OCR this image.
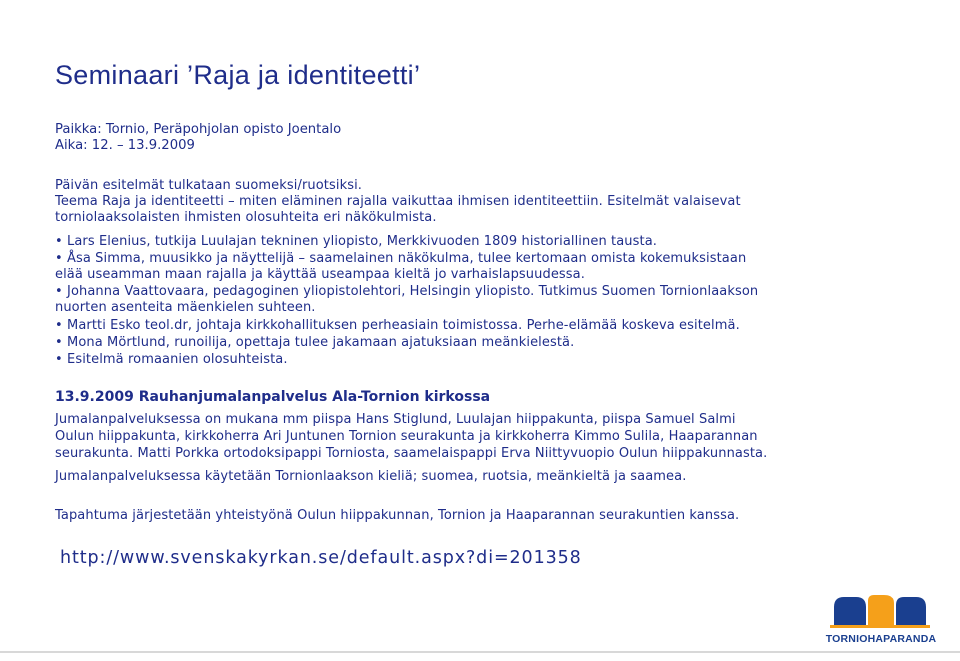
Seminaari ’Raja ja identiteetti’
Paikka: Tornio, Peräpohjolan opisto Joentalo
Aika: 12. – 13.9.2009
Päivän esitelmät tulkataan suomeksi/ruotsiksi.
Teema Raja ja identiteetti – miten eläminen rajalla vaikuttaa ihmisen identiteettiin. Esitelmät valaisevat
torniolaaksolaisten ihmisten olosuhteita eri näkökulmista.
• Lars Elenius, tutkija Luulajan tekninen yliopisto, Merkkivuoden 1809 historiallinen tausta.
• Åsa Simma, muusikko ja näyttelijä – saamelainen näkökulma, tulee kertomaan omista kokemuksistaan
elää useamman maan rajalla ja käyttää useampaa kieltä jo varhaislapsuudessa.
• Johanna Vaattovaara, pedagoginen yliopistolehtori, Helsingin yliopisto. Tutkimus Suomen Tornionlaakson
nuorten asenteita mäenkielen suhteen.
• Martti Esko teol.dr, johtaja kirkkohallituksen perheasiain toimistossa. Perhe-elämää koskeva esitelmä.
• Mona Mörtlund, runoilija, opettaja tulee jakamaan ajatuksiaan meänkielestä.
• Esitelmä romaanien olosuhteista.
13.9.2009 Rauhanjumalanpalvelus Ala-Tornion kirkossa
Jumalanpalveluksessa on mukana mm piispa Hans Stiglund, Luulajan hiippakunta, piispa Samuel Salmi
Oulun hiippakunta, kirkkoherra Ari Juntunen Tornion seurakunta ja kirkkoherra Kimmo Sulila, Haaparannan
seurakunta. Matti Porkka ortodoksipappi Torniosta, saamelaispappi Erva Niittyvuopio Oulun hiippakunnasta.
Jumalanpalveluksessa käytetään Tornionlaakson kieliä; suomea, ruotsia, meänkieltä ja saamea.
Tapahtuma järjestetään yhteistyönä Oulun hiippakunnan, Tornion ja Haaparannan seurakuntien kanssa.
http://www.svenskakyrkan.se/default.aspx?di=201358
TORNIOHAPARANDA
